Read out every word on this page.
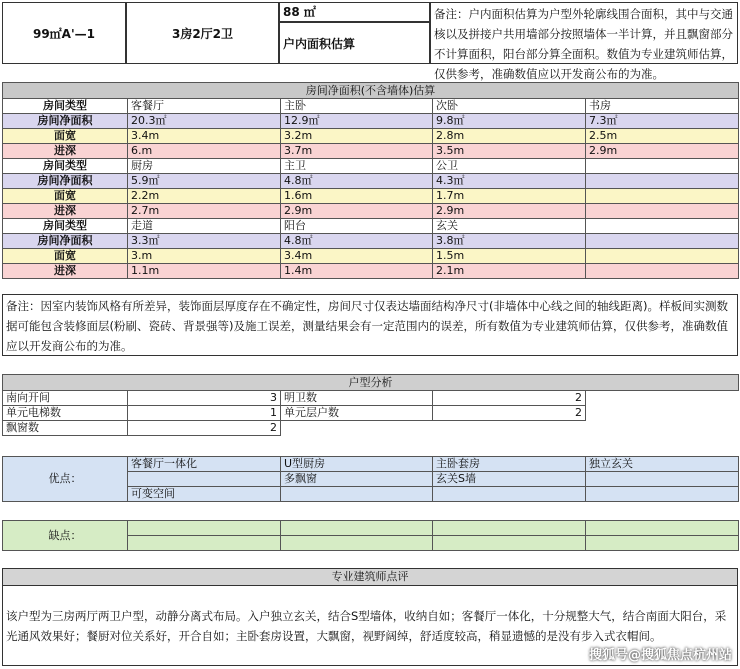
99㎡A'—1	3房2厅2卫
88 ㎡
户内面积估算
备注：户内面积估算为户型外轮廓线围合面积，其中与交通核以及拼接户共用墙部分按照墙体一半计算，并且飘窗部分不计算面积，阳台部分算全面积。数值为专业建筑师估算，仅供参考，准确数值应以开发商公布的为准。
房间净面积(不含墙体)估算				
房间类型	客餐厅	主卧	次卧	书房
房间净面积	20.3㎡	12.9㎡	9.8㎡	7.3㎡
面宽	3.4m	3.2m	2.8m	2.5m
进深	6.m	3.7m	3.5m	2.9m
房间类型	厨房	主卫	公卫	
房间净面积	5.9㎡	4.8㎡	4.3㎡	
面宽	2.2m	1.6m	1.7m	
进深	2.7m	2.9m	2.9m	
房间类型	走道	阳台	玄关	
房间净面积	3.3㎡	4.8㎡	3.8㎡	
面宽	3.m	3.4m	1.5m	
进深	1.1m	1.4m	2.1m	
备注：因室内装饰风格有所差异，装饰面层厚度存在不确定性，房间尺寸仅表达墙面结构净尺寸(非墙体中心线之间的轴线距离)。样板间实测数据可能包含装修面层(粉刷、瓷砖、背景强等)及施工误差，测量结果会有一定范围内的误差，所有数值为专业建筑师估算，仅供参考，准确数值应以开发商公布的为准。
户型分析				
南向开间	3	明卫数	2	
单元电梯数	1	单元层户数	2	
飘窗数	2			
优点：	客餐厅一体化	U型厨房	主卧套房	独立玄关
		多飘窗	玄关S墙	
	可变空间			
缺点：				

专业建筑师点评
该户型为三房两厅两卫户型，动静分离式布局。入户独立玄关，结合S型墙体，收纳自如；客餐厅一体化，十分规整大气，结合南面大阳台，采光通风效果好；餐厨对位关系好，开合自如；主卧套房设置，大飘窗，视野阔绰，舒适度较高，稍显遗憾的是没有步入式衣帽间。
搜狐号@搜狐焦点杭州站
